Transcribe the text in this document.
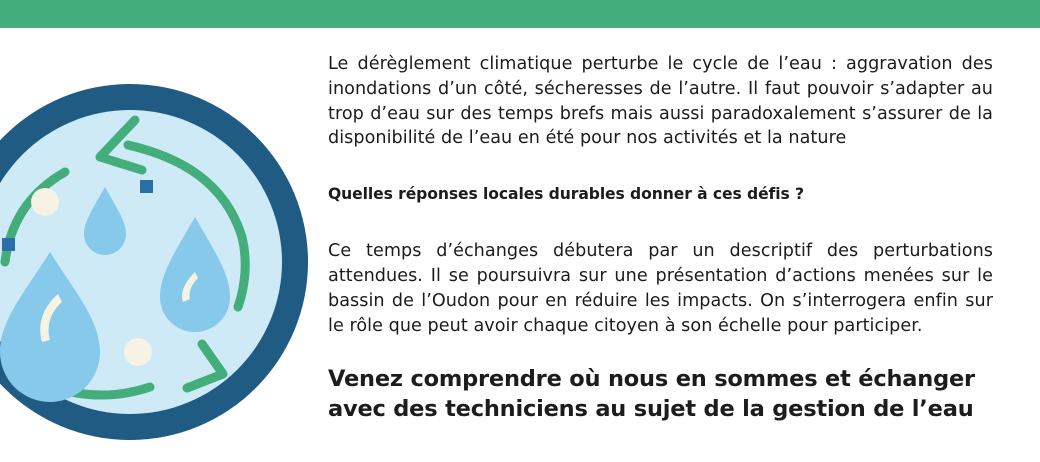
Le dérèglement climatique perturbe le cycle de l’eau : aggravation des inondations d’un côté, sécheresses de l’autre. Il faut pouvoir s’adapter au trop d’eau sur des temps brefs mais aussi paradoxalement s’assurer de la disponibilité de l’eau en été pour nos activités et la nature

Quelles réponses locales durables donner à ces défis ?

Ce temps d’échanges débutera par un descriptif des perturbations attendues. Il se poursuivra sur une présentation d’actions menées sur le bassin de l’Oudon pour en réduire les impacts. On s’interrogera enfin sur le rôle que peut avoir chaque citoyen à son échelle pour participer.

Venez comprendre où nous en sommes et échanger
avec des techniciens au sujet de la gestion de l’eau
